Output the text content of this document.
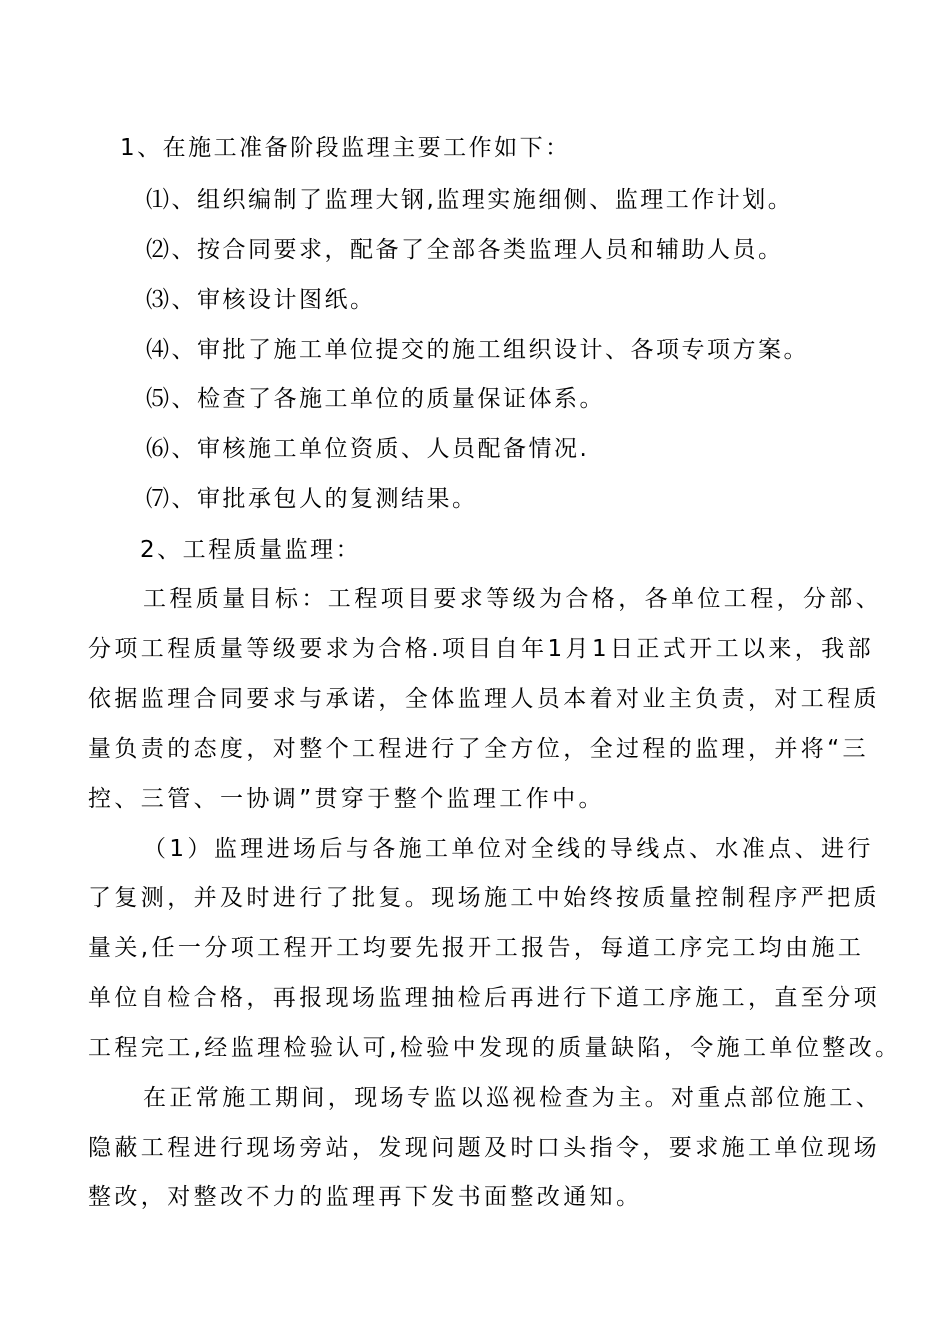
1、在施工准备阶段监理主要工作如下：
⑴、组织编制了监理大钢,监理实施细侧、监理工作计划。
⑵、按合同要求，配备了全部各类监理人员和辅助人员。
⑶、审核设计图纸。
⑷、审批了施工单位提交的施工组织设计、各项专项方案。
⑸、检查了各施工单位的质量保证体系。
⑹、审核施工单位资质、人员配备情况.
⑺、审批承包人的复测结果。
2、工程质量监理：
工程质量目标：工程项目要求等级为合格，各单位工程，分部、
分项工程质量等级要求为合格.项目自年1月1日正式开工以来，我部
依据监理合同要求与承诺，全体监理人员本着对业主负责，对工程质
量负责的态度，对整个工程进行了全方位，全过程的监理，并将“三
控、三管、一协调”贯穿于整个监理工作中。
（1）监理进场后与各施工单位对全线的导线点、水准点、进行
了复测，并及时进行了批复。现场施工中始终按质量控制程序严把质
量关,任一分项工程开工均要先报开工报告，每道工序完工均由施工
单位自检合格，再报现场监理抽检后再进行下道工序施工，直至分项
工程完工,经监理检验认可,检验中发现的质量缺陷，令施工单位整改。
在正常施工期间，现场专监以巡视检查为主。对重点部位施工、
隐蔽工程进行现场旁站，发现问题及时口头指令，要求施工单位现场
整改，对整改不力的监理再下发书面整改通知。
